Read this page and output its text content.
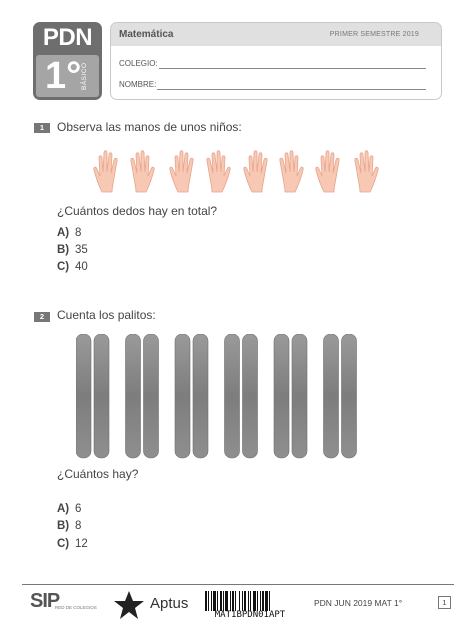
PDN
1° BÁSICO
Matemática	PRIMER SEMESTRE 2019
COLEGIO:
NOMBRE:
1	Observa las manos de unos niños:
¿Cuántos dedos hay en total?
A) 8
B) 35
C) 40
2	Cuenta los palitos:
¿Cuántos hay?
A) 6
B) 8
C) 12
SIP
RED DE COLEGIOS	Aptus
MAT1BPDN01APT
PDN JUN 2019 MAT 1°	1
